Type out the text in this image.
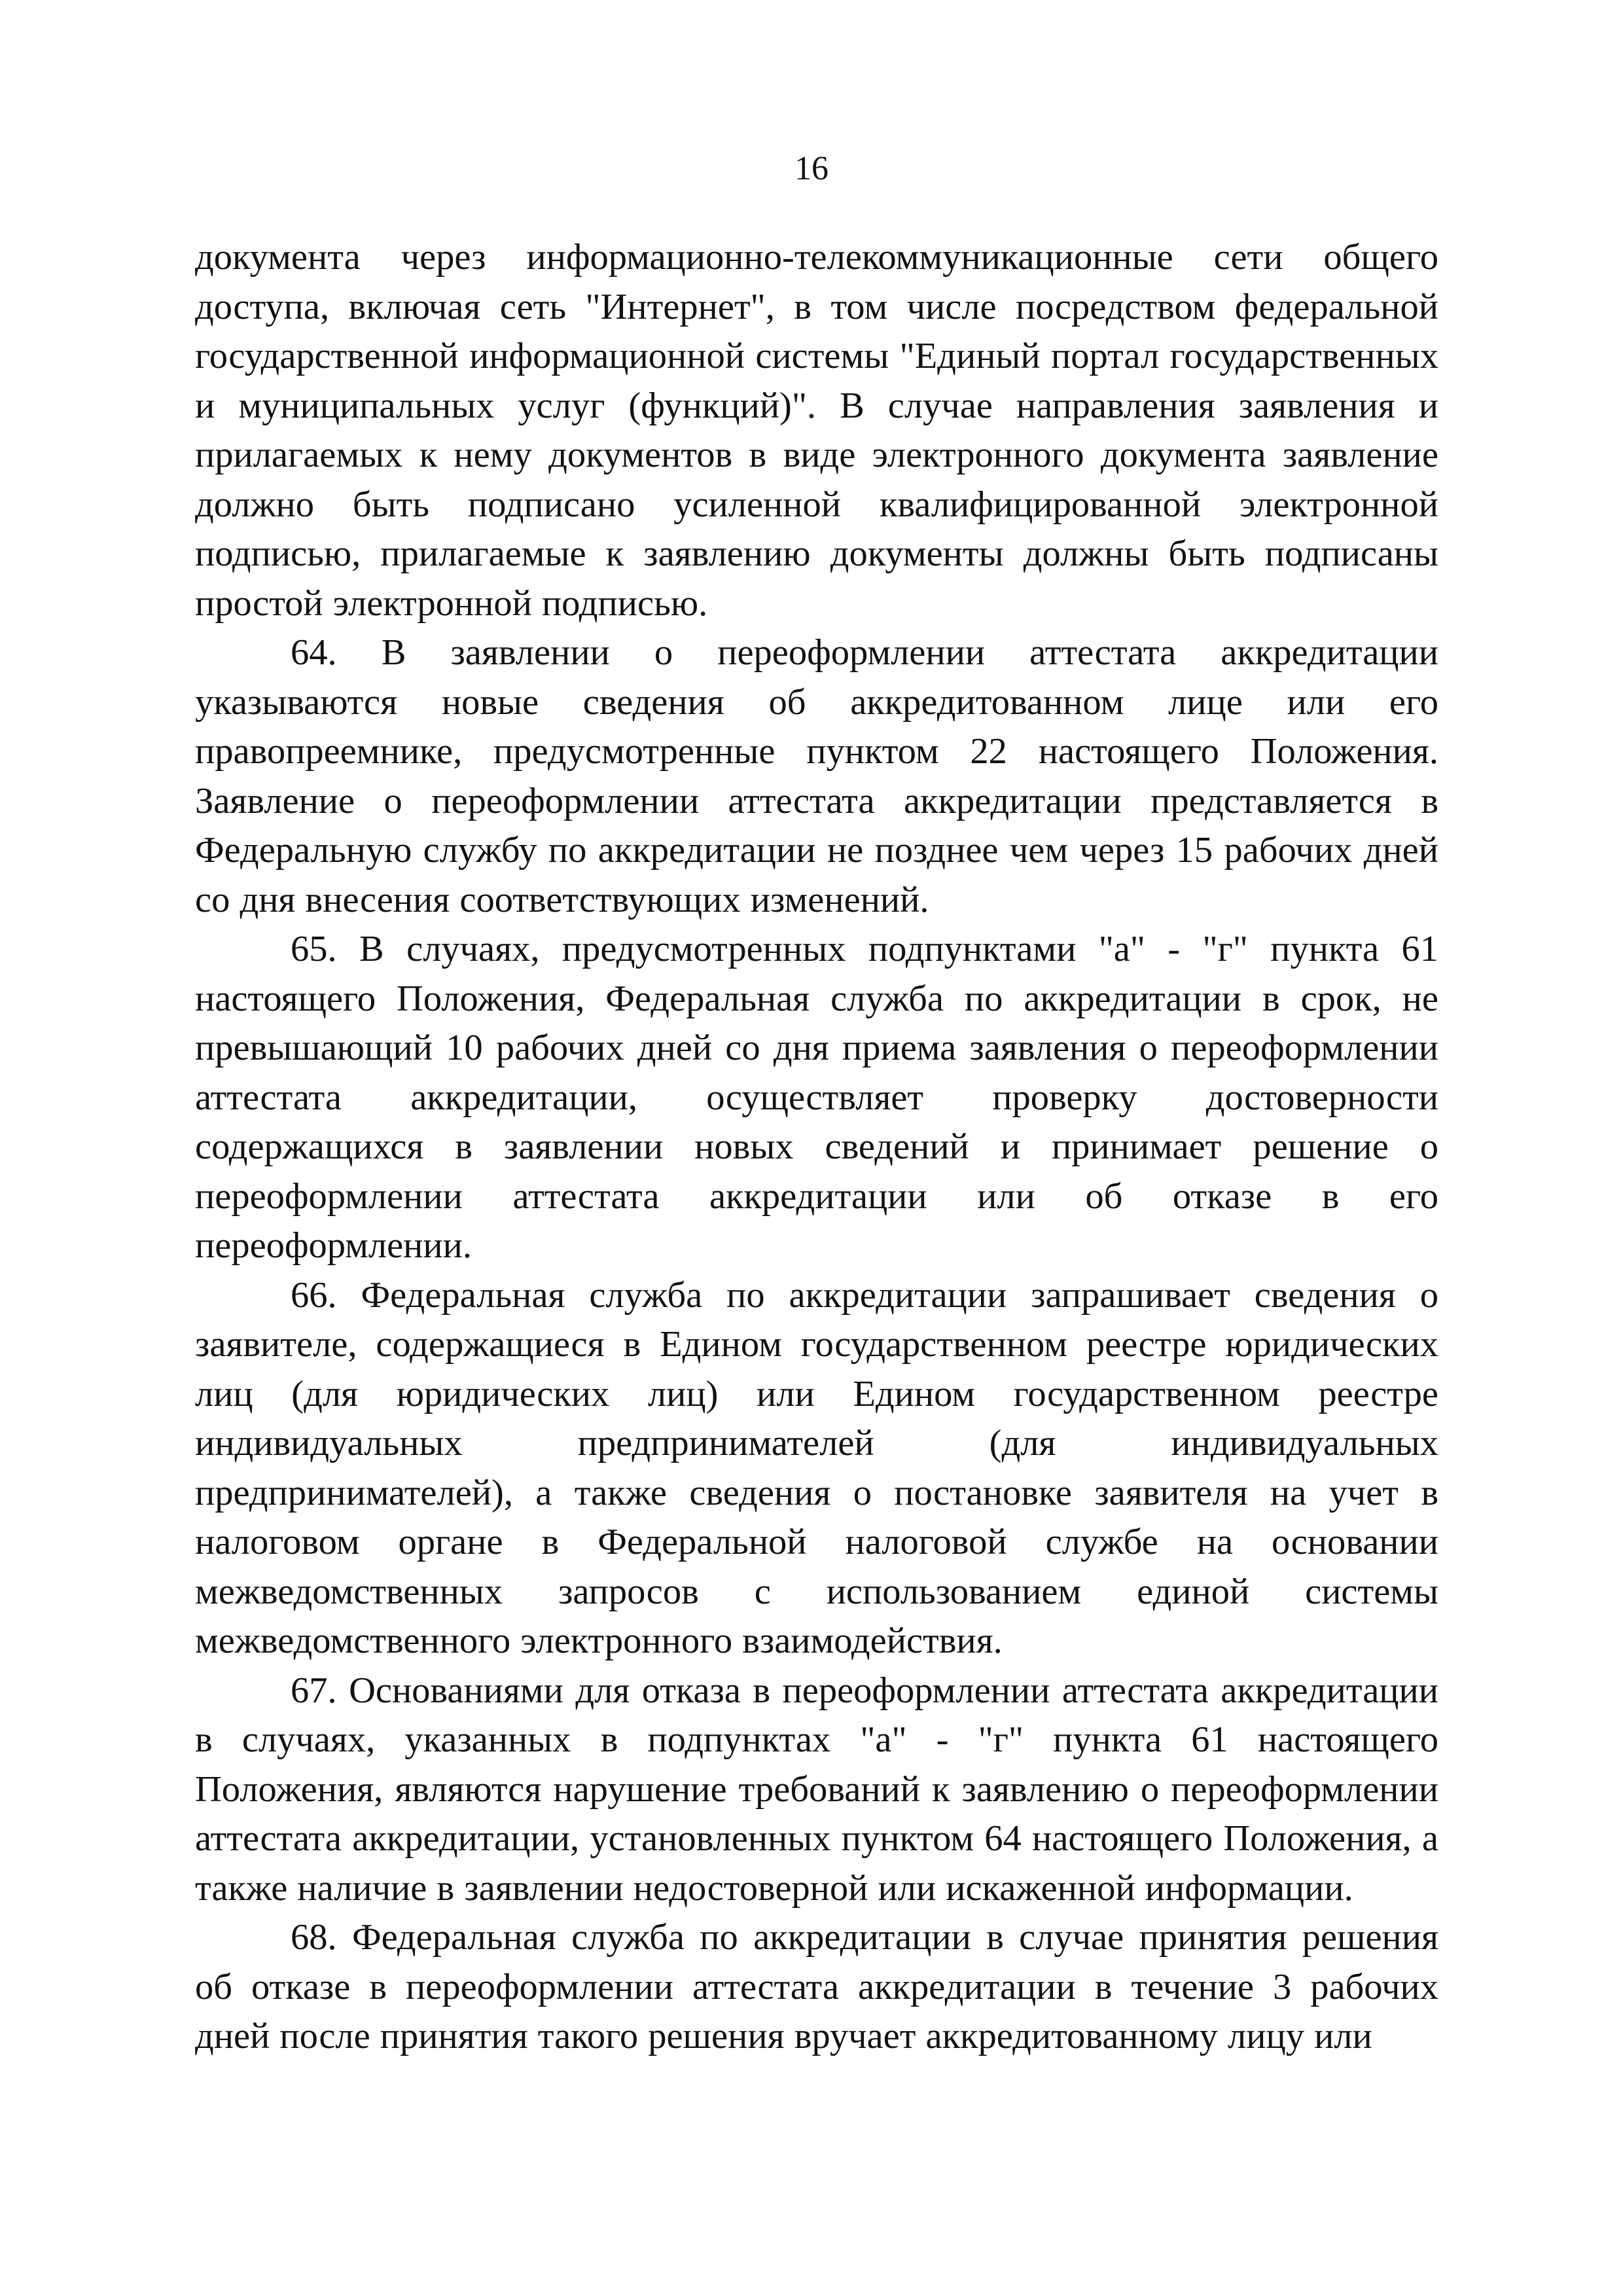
16

документа через информационно-телекоммуникационные сети общего доступа, включая сеть "Интернет", в том числе посредством федеральной государственной информационной системы "Единый портал государственных и муниципальных услуг (функций)". В случае направления заявления и прилагаемых к нему документов в виде электронного документа заявление должно быть подписано усиленной квалифицированной электронной подписью, прилагаемые к заявлению документы должны быть подписаны простой электронной подписью.

64. В заявлении о переоформлении аттестата аккредитации указываются новые сведения об аккредитованном лице или его правопреемнике, предусмотренные пунктом 22 настоящего Положения. Заявление о переоформлении аттестата аккредитации представляется в Федеральную службу по аккредитации не позднее чем через 15 рабочих дней со дня внесения соответствующих изменений.

65. В случаях, предусмотренных подпунктами "а" - "г" пункта 61 настоящего Положения, Федеральная служба по аккредитации в срок, не превышающий 10 рабочих дней со дня приема заявления о переоформлении аттестата аккредитации, осуществляет проверку достоверности содержащихся в заявлении новых сведений и принимает решение о переоформлении аттестата аккредитации или об отказе в его переоформлении.

66. Федеральная служба по аккредитации запрашивает сведения о заявителе, содержащиеся в Едином государственном реестре юридических лиц (для юридических лиц) или Едином государственном реестре индивидуальных предпринимателей (для индивидуальных предпринимателей), а также сведения о постановке заявителя на учет в налоговом органе в Федеральной налоговой службе на основании межведомственных запросов с использованием единой системы межведомственного электронного взаимодействия.

67. Основаниями для отказа в переоформлении аттестата аккредитации в случаях, указанных в подпунктах "а" - "г" пункта 61 настоящего Положения, являются нарушение требований к заявлению о переоформлении аттестата аккредитации, установленных пунктом 64 настоящего Положения, а также наличие в заявлении недостоверной или искаженной информации.

68. Федеральная служба по аккредитации в случае принятия решения об отказе в переоформлении аттестата аккредитации в течение 3 рабочих дней после принятия такого решения вручает аккредитованному лицу или
